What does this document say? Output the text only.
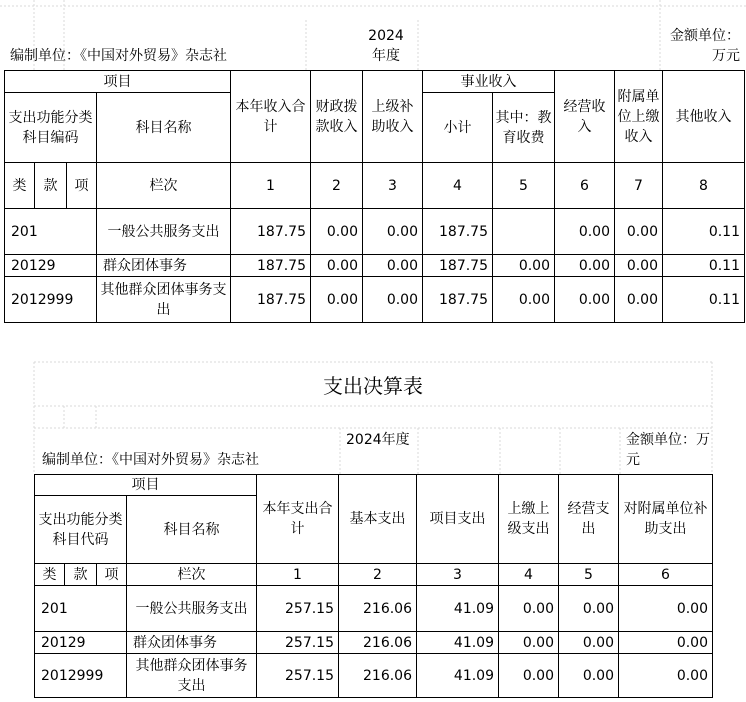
编制单位：《中国对外贸易》杂志社
2024年度
金额单位：万元
项目				本年收入合计	财政拨款收入	上级补助收入	事业收入		经营收入	附属单位上缴收入	其他收入
支出功能分类科目编码			科目名称				小计	其中：教育收费			
类	款	项	栏次	1	2	3	4	5	6	7	8
201			一般公共服务支出	187.75	0.00	0.00	187.75		0.00	0.00	0.11
20129			群众团体事务	187.75	0.00	0.00	187.75	0.00	0.00	0.00	0.11
2012999			其他群众团体事务支出	187.75	0.00	0.00	187.75	0.00	0.00	0.00	0.11
支出决算表
编制单位：《中国对外贸易》杂志社
2024年度	金额单位：万元
项目				本年支出合计	基本支出	项目支出	上缴上级支出	经营支出	对附属单位补助支出
支出功能分类科目代码			科目名称						
类	款	项	栏次	1	2	3	4	5	6
201			一般公共服务支出	257.15	216.06	41.09	0.00	0.00	0.00
20129			群众团体事务	257.15	216.06	41.09	0.00	0.00	0.00
2012999			其他群众团体事务支出	257.15	216.06	41.09	0.00	0.00	0.00
